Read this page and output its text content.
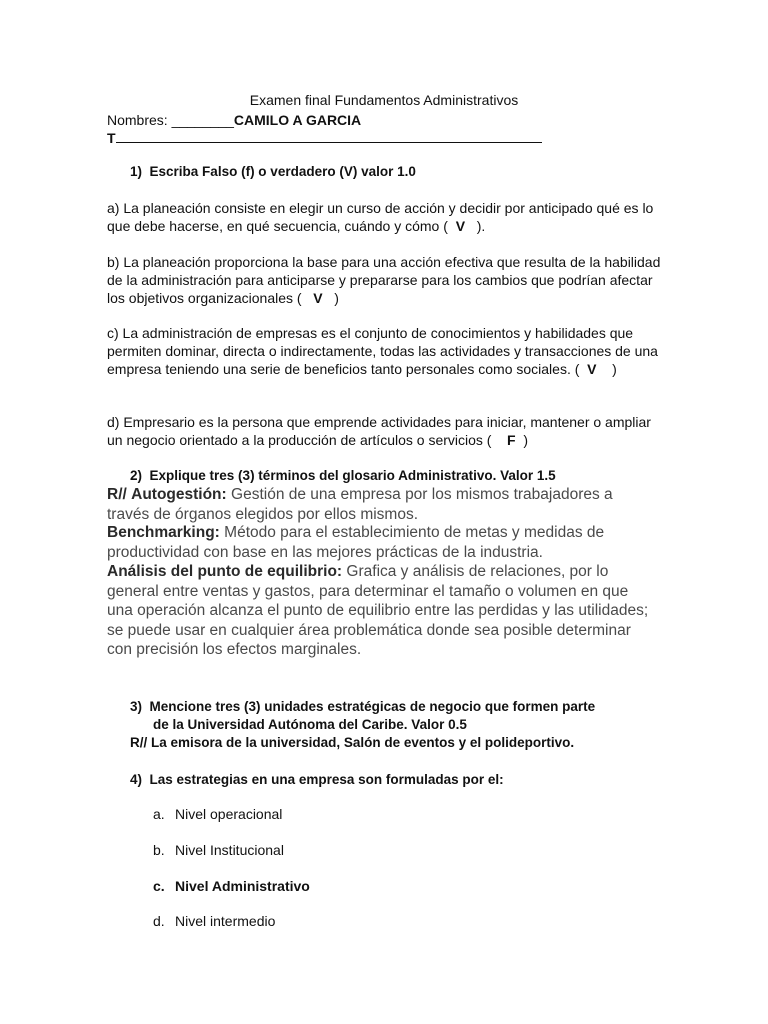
Examen final Fundamentos Administrativos
Nombres: ________CAMILO A GARCIA
T
1) Escriba Falso (f) o verdadero (V) valor 1.0
a) La planeación consiste en elegir un curso de acción y decidir por anticipado qué es lo que debe hacerse, en qué secuencia, cuándo y cómo ( V ).
b) La planeación proporciona la base para una acción efectiva que resulta de la habilidad de la administración para anticiparse y prepararse para los cambios que podrían afectar los objetivos organizacionales ( V )
c) La administración de empresas es el conjunto de conocimientos y habilidades que permiten dominar, directa o indirectamente, todas las actividades y transacciones de una empresa teniendo una serie de beneficios tanto personales como sociales. ( V )
d) Empresario es la persona que emprende actividades para iniciar, mantener o ampliar un negocio orientado a la producción de artículos o servicios ( F )
2) Explique tres (3) términos del glosario Administrativo. Valor 1.5
R// Autogestión: Gestión de una empresa por los mismos trabajadores a través de órganos elegidos por ellos mismos.
Benchmarking: Método para el establecimiento de metas y medidas de productividad con base en las mejores prácticas de la industria.
Análisis del punto de equilibrio: Grafica y análisis de relaciones, por lo general entre ventas y gastos, para determinar el tamaño o volumen en que una operación alcanza el punto de equilibrio entre las perdidas y las utilidades; se puede usar en cualquier área problemática donde sea posible determinar con precisión los efectos marginales.
3) Mencione tres (3) unidades estratégicas de negocio que formen parte
de la Universidad Autónoma del Caribe. Valor 0.5
R// La emisora de la universidad, Salón de eventos y el polideportivo.
4) Las estrategias en una empresa son formuladas por el:
a. Nivel operacional
b. Nivel Institucional
c. Nivel Administrativo
d. Nivel intermedio
